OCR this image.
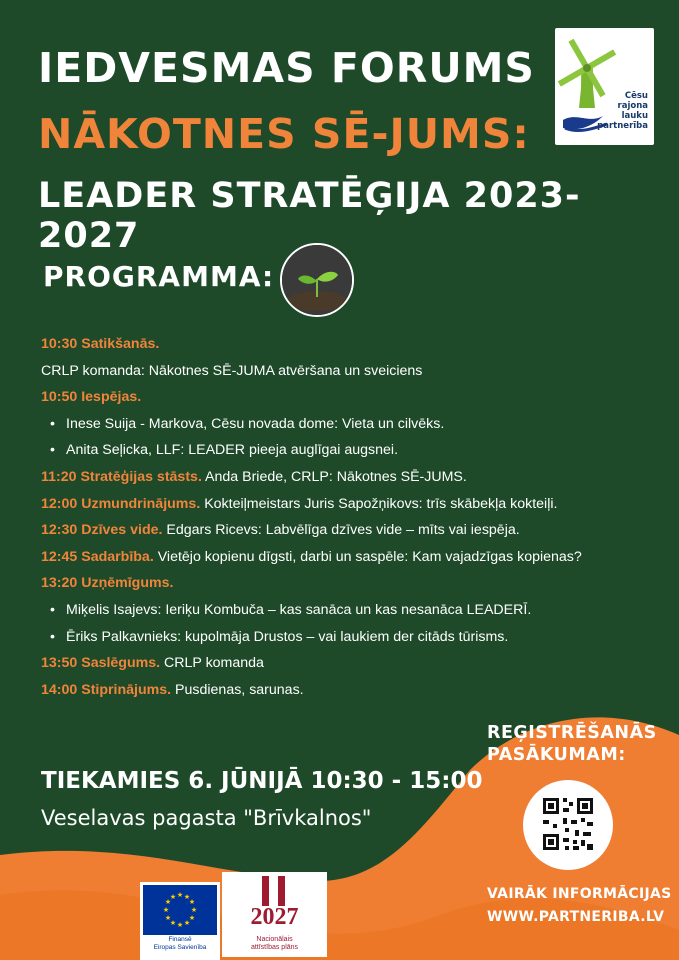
IEDVESMAS FORUMS
NĀKOTNES SĒ-JUMS:
LEADER STRATĒĢIJA 2023-2027
Cēsu
rajona lauku
partnerība
PROGRAMMA:
10:30 Satikšanās.
CRLP komanda: Nākotnes SĒ-JUMA atvēršana un sveiciens
10:50 Iespējas.
• Inese Suija - Markova, Cēsu novada dome: Vieta un cilvēks.
• Anita Seļicka, LLF: LEADER pieeja auglīgai augsnei.
11:20 Stratēģijas stāsts. Anda Briede, CRLP: Nākotnes SĒ-JUMS.
12:00 Uzmundrinājums. Kokteiļmeistars Juris Sapožņikovs: trīs skābekļa kokteiļi.
12:30 Dzīves vide. Edgars Ricevs: Labvēlīga dzīves vide – mīts vai iespēja.
12:45 Sadarbība. Vietējo kopienu dīgsti, darbi un saspēle: Kam vajadzīgas kopienas?
13:20 Uzņēmīgums.
• Miķelis Isajevs: Ieriķu Kombuča – kas sanāca un kas nesanāca LEADERĪ.
• Ēriks Palkavnieks: kupolmāja Drustos – vai laukiem der citāds tūrisms.
13:50 Saslēgums. CRLP komanda
14:00 Stiprinājums. Pusdienas, sarunas.
REĢISTRĒŠANĀS
PASĀKUMAM:
TIEKAMIES 6. JŪNIJĀ 10:30 - 15:00
Veselavas pagasta "Brīvkalnos"
VAIRĀK INFORMĀCIJAS
WWW.PARTNERIBA.LV
★ ★
★
★
★
★
★
★
★
★
★
★
Finansē
Eiropas Savienība
2027
Nacionālais
attīstības plāns
